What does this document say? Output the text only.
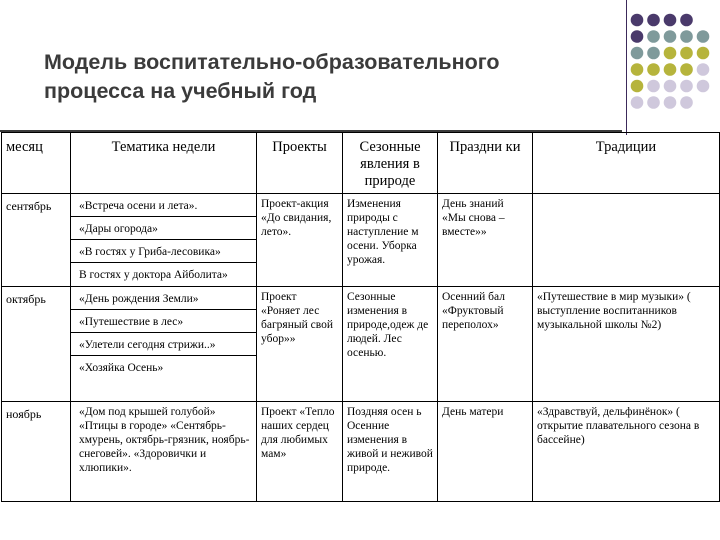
Модель воспитательно-образовательного
процесса на учебный год
месяц	Тематика недели	Проекты	Сезонные явления в природе	Праздни ки	Традиции
сентябрь	«Встреча осени и лета».
«Дары огорода»
«В гостях у Гриба-лесовика»
В гостях у доктора Айболита»	Проект-акция «До свидания, лето».	Изменения природы с наступление м осени. Уборка урожая.	День знаний «Мы снова – вместе»»	
октябрь	«День рождения Земли»
«Путешествие в лес»
«Улетели сегодня стрижи..»
«Хозяйка Осень»	Проект «Роняет лес багряный свой убор»»	Сезонные изменения в природе,одеж де людей. Лес осенью.	Осенний бал «Фруктовый переполох»	«Путешествие в мир музыки» ( выступление воспитанников музыкальной школы №2)
ноябрь	«Дом под крышей голубой» «Птицы в городе» «Сентябрь-хмурень, октябрь-грязник, ноябрь-снеговей». «Здоровички и хлюпики».	Проект «Тепло наших сердец для любимых мам»	Поздняя осен ь Осенние изменения в живой и неживой природе.	День матери	«Здравствуй, дельфинёнок» ( открытие плавательного сезона в бассейне)
